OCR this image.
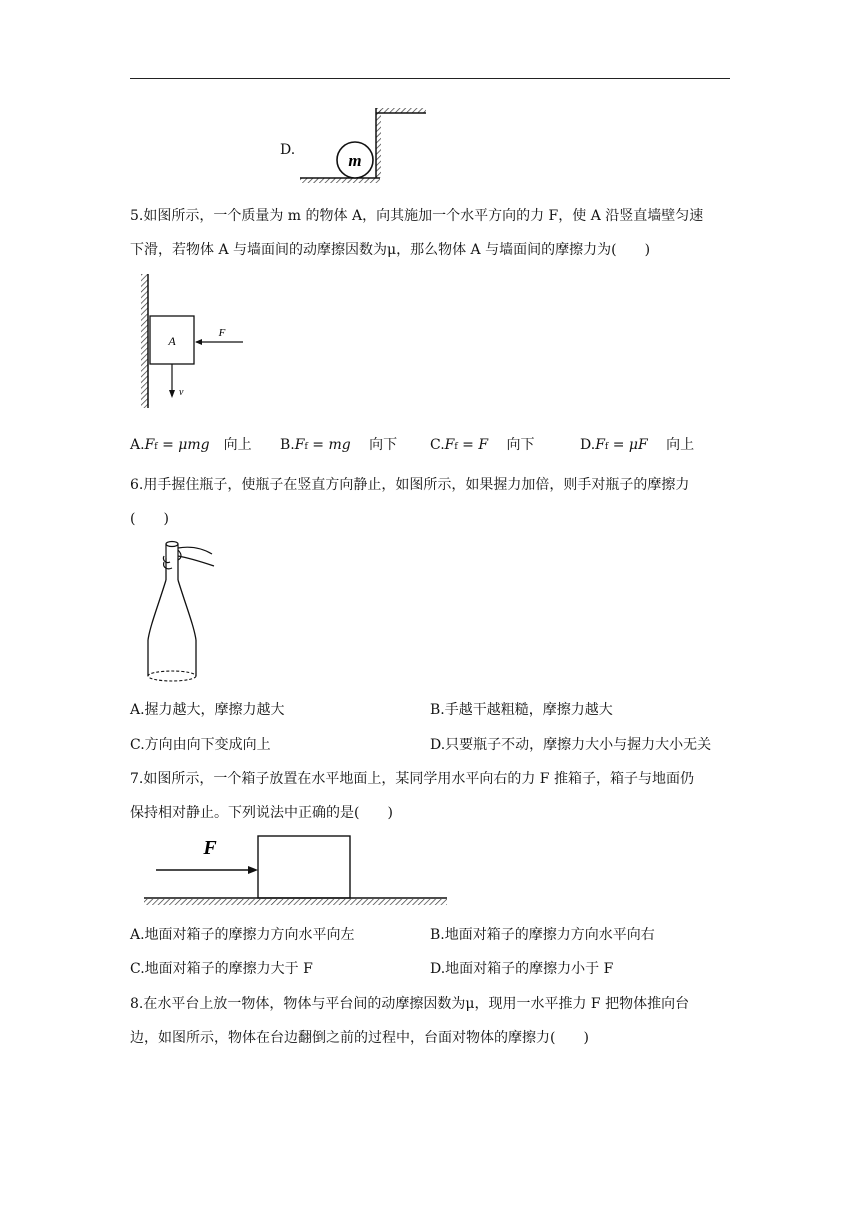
D.
m
5.如图所示，一个质量为 m 的物体 A，向其施加一个水平方向的力 F，使 A 沿竖直墙壁匀速
下滑，若物体 A 与墙面间的动摩擦因数为μ，那么物体 A 与墙面间的摩擦力为(　　)
A
F
v
A.Ff = μmg　 向上 B.Ff = mg　 向下 C.Ff = F　 向下	D.Ff = μF　 向上
6.用手握住瓶子，使瓶子在竖直方向静止，如图所示，如果握力加倍，则手对瓶子的摩擦力
(　　)
A.握力越大，摩擦力越大	B.手越干越粗糙，摩擦力越大
C.方向由向下变成向上	D.只要瓶子不动，摩擦力大小与握力大小无关
7.如图所示，一个箱子放置在水平地面上，某同学用水平向右的力 F 推箱子，箱子与地面仍
保持相对静止。下列说法中正确的是(　　)
F
A.地面对箱子的摩擦力方向水平向左	B.地面对箱子的摩擦力方向水平向右
C.地面对箱子的摩擦力大于 F	D.地面对箱子的摩擦力小于 F
8.在水平台上放一物体，物体与平台间的动摩擦因数为μ，现用一水平推力 F 把物体推向台
边，如图所示，物体在台边翻倒之前的过程中，台面对物体的摩擦力(　　)
